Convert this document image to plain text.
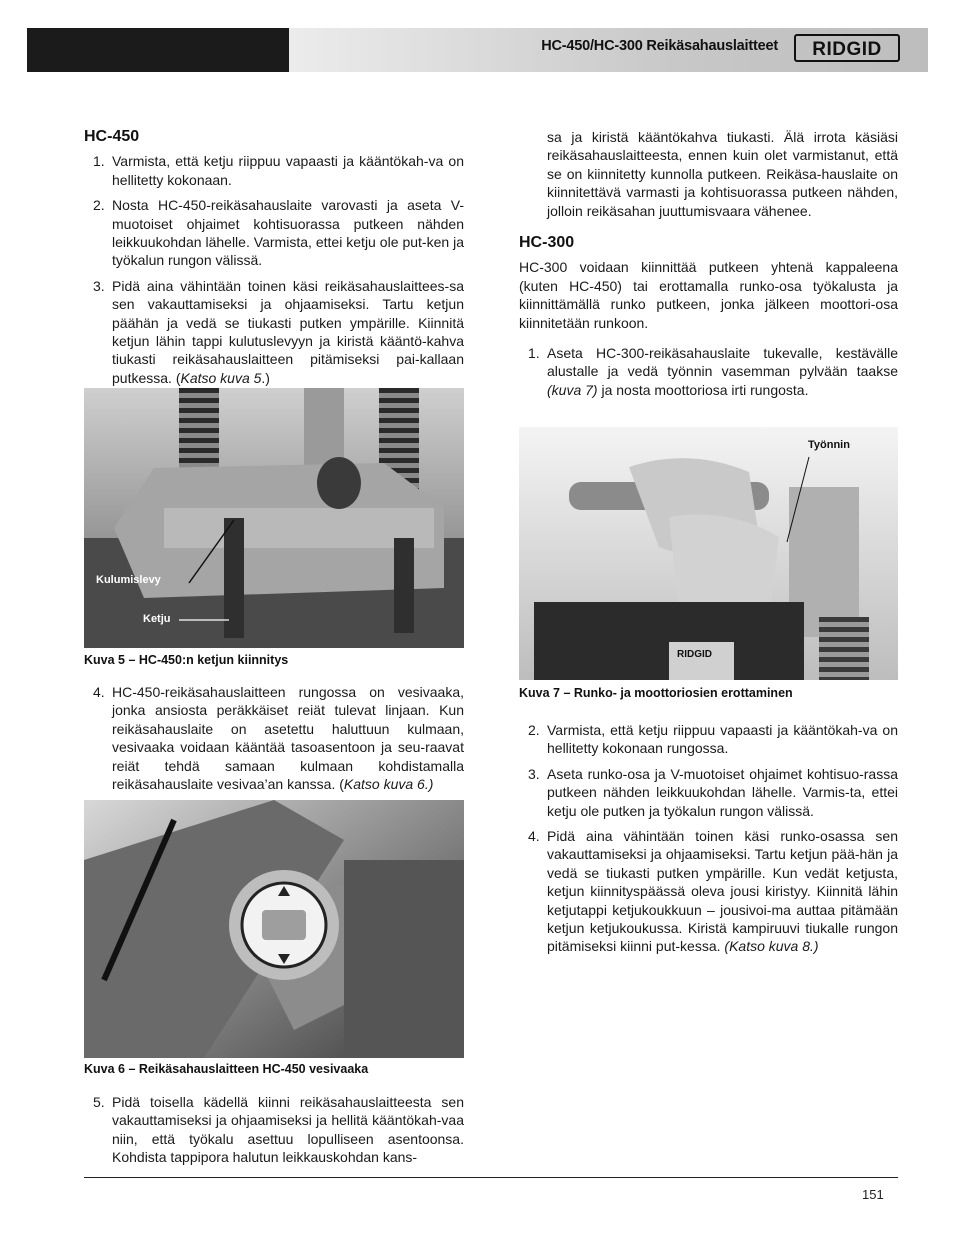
HC-450/HC-300 Reikäsahauslaitteet RIDGID
HC-450
1. Varmista, että ketju riippuu vapaasti ja kääntökah-va on hellitetty kokonaan.
2. Nosta HC-450-reikäsahauslaite varovasti ja aseta V-muotoiset ohjaimet kohtisuorassa putkeen nähden leikkuukohdan lähelle. Varmista, ettei ketju ole put-ken ja työkalun rungon välissä.
3. Pidä aina vähintään toinen käsi reikäsahauslaittees-sa sen vakauttamiseksi ja ohjaamiseksi. Tartu ketjun päähän ja vedä se tiukasti putken ympärille. Kiinnitä ketjun lähin tappi kulutuslevyyn ja kiristä kääntö-kahva tiukasti reikäsahauslaitteen pitämiseksi pai-kallaan putkessa. (Katso kuva 5.)
Kulumislevy
Ketju
Kuva 5 – HC-450:n ketjun kiinnitys
4. HC-450-reikäsahauslaitteen rungossa on vesivaaka, jonka ansiosta peräkkäiset reiät tulevat linjaan. Kun reikäsahauslaite on asetettu haluttuun kulmaan, vesivaaka voidaan kääntää tasoasentoon ja seu-raavat reiät tehdä samaan kulmaan kohdistamalla reikäsahauslaite vesivaa’an kanssa. (Katso kuva 6.)
Kuva 6 – Reikäsahauslaitteen HC-450 vesivaaka
5. Pidä toisella kädellä kiinni reikäsahauslaitteesta sen vakauttamiseksi ja ohjaamiseksi ja hellitä kääntökah-vaa niin, että työkalu asettuu lopulliseen asentoonsa. Kohdista tappipora halutun leikkauskohdan kans-

sa ja kiristä kääntökahva tiukasti. Älä irrota käsiäsi reikäsahauslaitteesta, ennen kuin olet varmistanut, että se on kiinnitetty kunnolla putkeen. Reikäsa-hauslaite on kiinnitettävä varmasti ja kohtisuorassa putkeen nähden, jolloin reikäsahan juuttumisvaara vähenee.

HC-300

HC-300 voidaan kiinnittää putkeen yhtenä kappaleena (kuten HC-450) tai erottamalla runko-osa työkalusta ja kiinnittämällä runko putkeen, jonka jälkeen moottori-osa kiinnitetään runkoon.

1. Aseta HC-300-reikäsahauslaite tukevalle, kestävälle alustalle ja vedä työnnin vasemman pylvään taakse (kuva 7) ja nosta moottoriosa irti rungosta.
RIDGID
Työnnin
Kuva 7 – Runko- ja moottoriosien erottaminen
2. Varmista, että ketju riippuu vapaasti ja kääntökah-va on hellitetty kokonaan rungossa.
3. Aseta runko-osa ja V-muotoiset ohjaimet kohtisuo-rassa putkeen nähden leikkuukohdan lähelle. Varmis-ta, ettei ketju ole putken ja työkalun rungon välissä.
4. Pidä aina vähintään toinen käsi runko-osassa sen vakauttamiseksi ja ohjaamiseksi. Tartu ketjun pää-hän ja vedä se tiukasti putken ympärille. Kun vedät ketjusta, ketjun kiinnityspäässä oleva jousi kiristyy. Kiinnitä lähin ketjutappi ketjukoukkuun – jousivoi-ma auttaa pitämään ketjun ketjukoukussa. Kiristä kampiruuvi tiukalle rungon pitämiseksi kiinni put-kessa. (Katso kuva 8.)
151
